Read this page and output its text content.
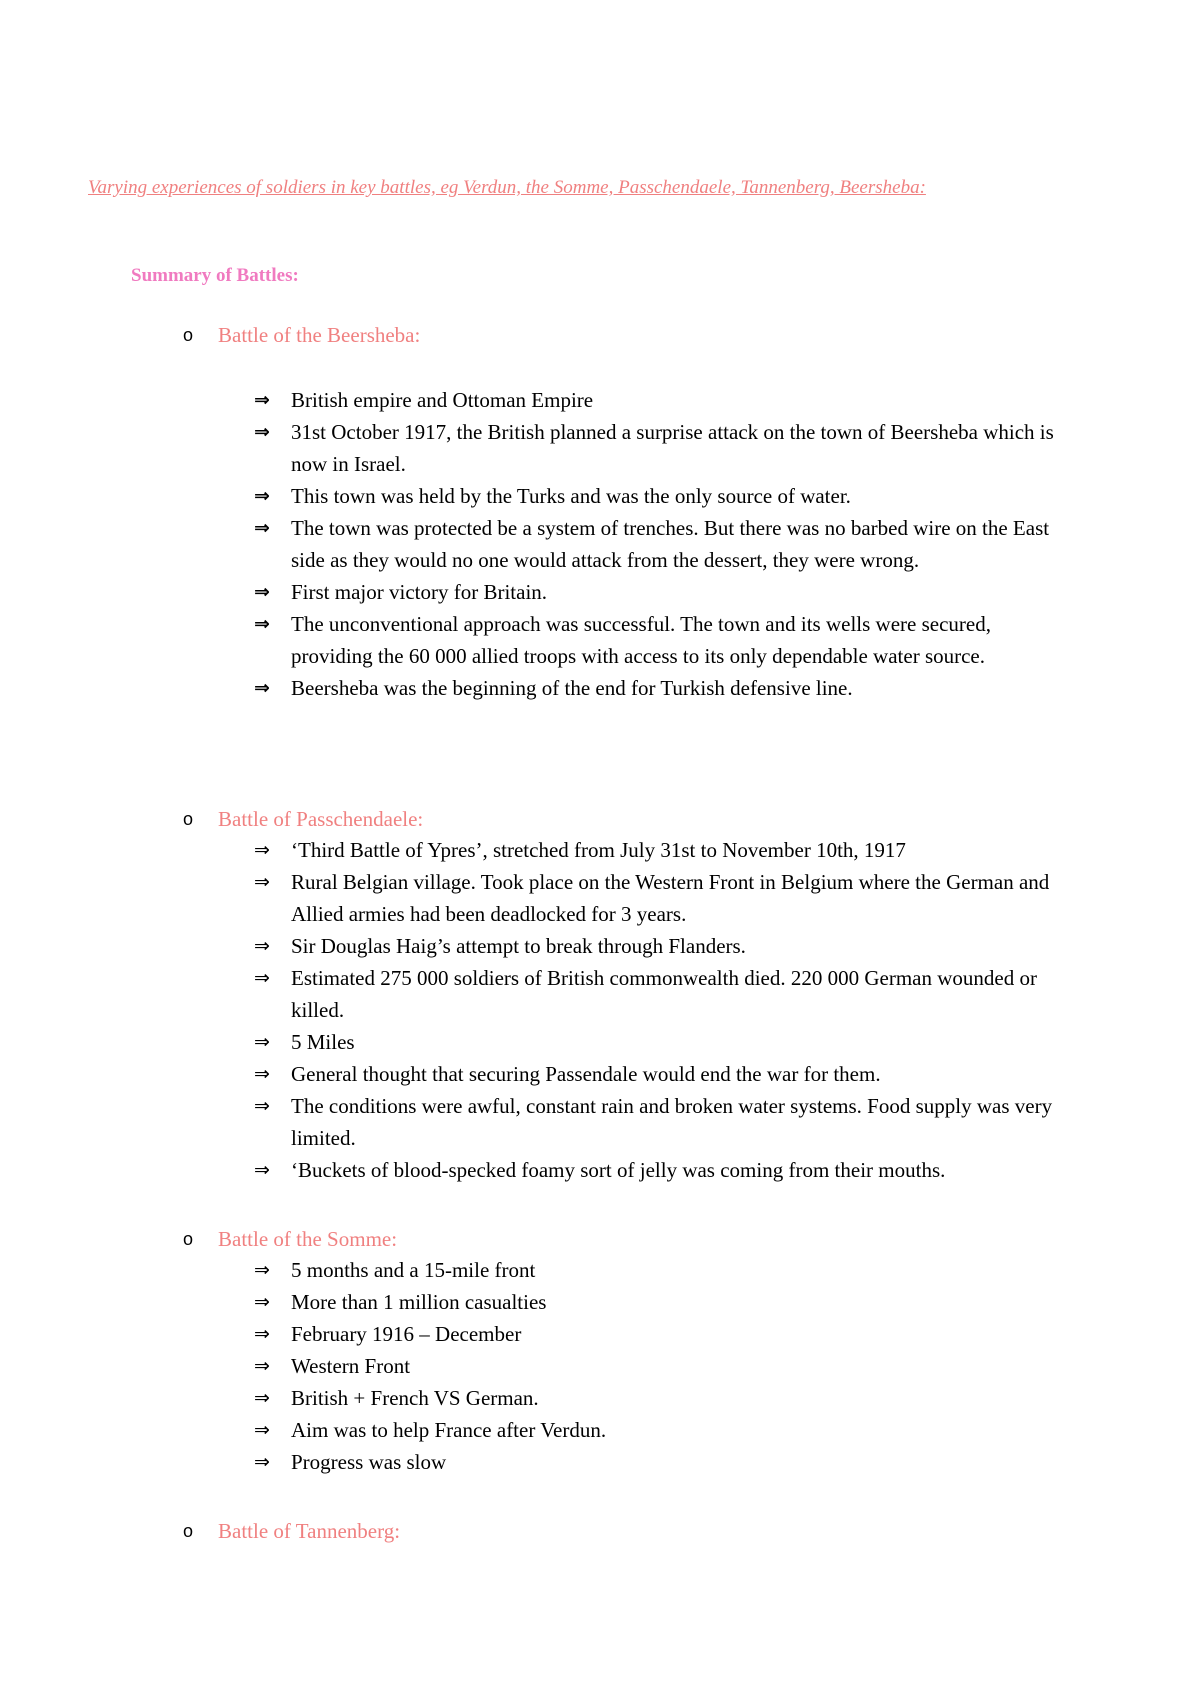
Varying experiences of soldiers in key battles, eg Verdun, the Somme, Passchendaele, Tannenberg, Beersheba:
Summary of Battles:
o Battle of the Beersheba:
⇒ British empire and Ottoman Empire
⇒ 31st October 1917, the British planned a surprise attack on the town of Beersheba which is now in Israel.
⇒ This town was held by the Turks and was the only source of water.
⇒ The town was protected be a system of trenches. But there was no barbed wire on the East side as they would no one would attack from the dessert, they were wrong.
⇒ First major victory for Britain.
⇒ The unconventional approach was successful. The town and its wells were secured, providing the 60 000 allied troops with access to its only dependable water source.
⇒ Beersheba was the beginning of the end for Turkish defensive line.
o Battle of Passchendaele:
⇒ ‘Third Battle of Ypres’, stretched from July 31st to November 10th, 1917
⇒ Rural Belgian village. Took place on the Western Front in Belgium where the German and Allied armies had been deadlocked for 3 years.
⇒ Sir Douglas Haig’s attempt to break through Flanders.
⇒ Estimated 275 000 soldiers of British commonwealth died. 220 000 German wounded or killed.
⇒ 5 Miles
⇒ General thought that securing Passendale would end the war for them.
⇒ The conditions were awful, constant rain and broken water systems. Food supply was very limited.
⇒ ‘Buckets of blood-specked foamy sort of jelly was coming from their mouths.
o Battle of the Somme:
⇒ 5 months and a 15-mile front
⇒ More than 1 million casualties
⇒ February 1916 – December
⇒ Western Front
⇒ British + French VS German.
⇒ Aim was to help France after Verdun.
⇒ Progress was slow
o Battle of Tannenberg:
